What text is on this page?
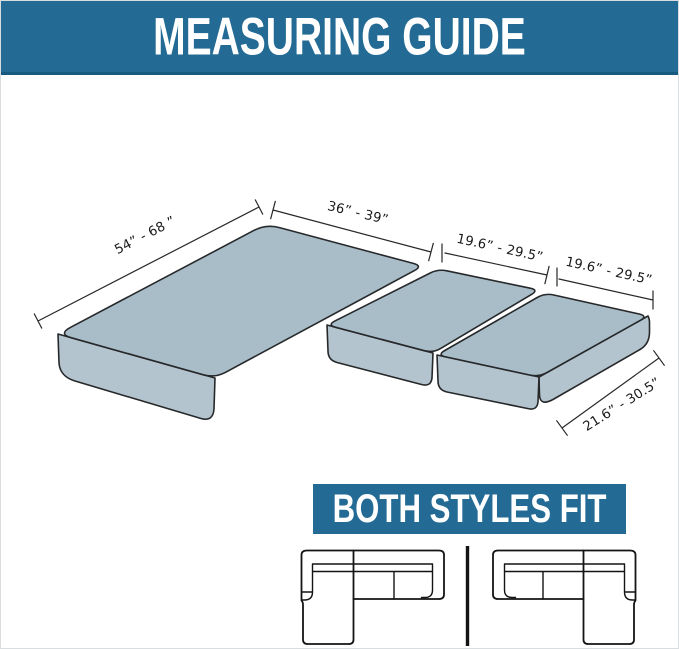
MEASURING GUIDE
54” - 68 ”
36” - 39”
19.6” - 29.5”
19.6” - 29.5”
21.6” - 30.5”
BOTH STYLES FIT
